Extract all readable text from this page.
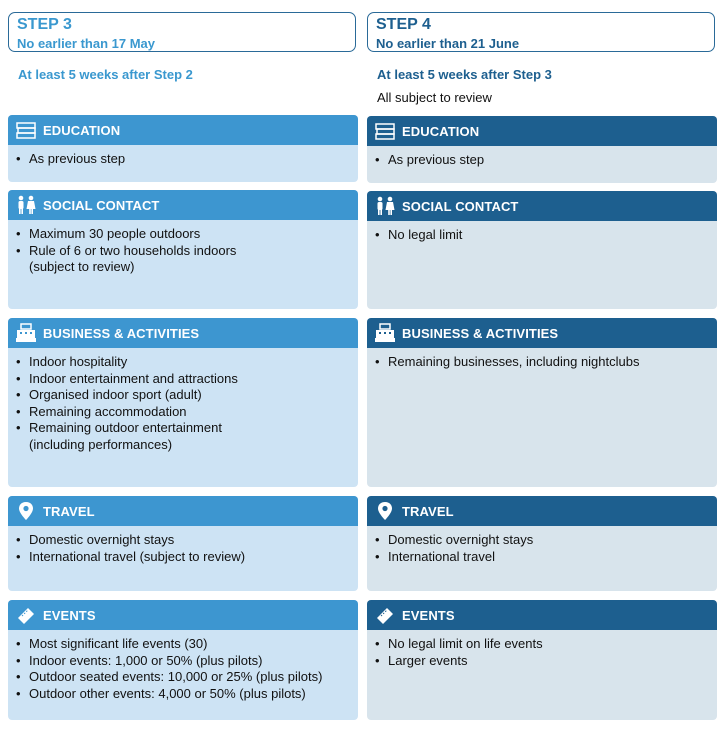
STEP 3
No earlier than 17 May
At least 5 weeks after Step 2
EDUCATION
• As previous step
SOCIAL CONTACT
• Maximum 30 people outdoors
• Rule of 6 or two households indoors
(subject to review)
BUSINESS & ACTIVITIES
• Indoor hospitality
• Indoor entertainment and attractions
• Organised indoor sport (adult)
• Remaining accommodation
• Remaining outdoor entertainment
(including performances)
TRAVEL
• Domestic overnight stays
• International travel (subject to review)
EVENTS
• Most significant life events (30)
• Indoor events: 1,000 or 50% (plus pilots)
• Outdoor seated events: 10,000 or 25% (plus pilots)
• Outdoor other events: 4,000 or 50% (plus pilots)
STEP 4
No earlier than 21 June
At least 5 weeks after Step 3
All subject to review
EDUCATION
• As previous step
SOCIAL CONTACT
• No legal limit
BUSINESS & ACTIVITIES
• Remaining businesses, including nightclubs
TRAVEL
• Domestic overnight stays
• International travel
EVENTS
• No legal limit on life events
• Larger events
